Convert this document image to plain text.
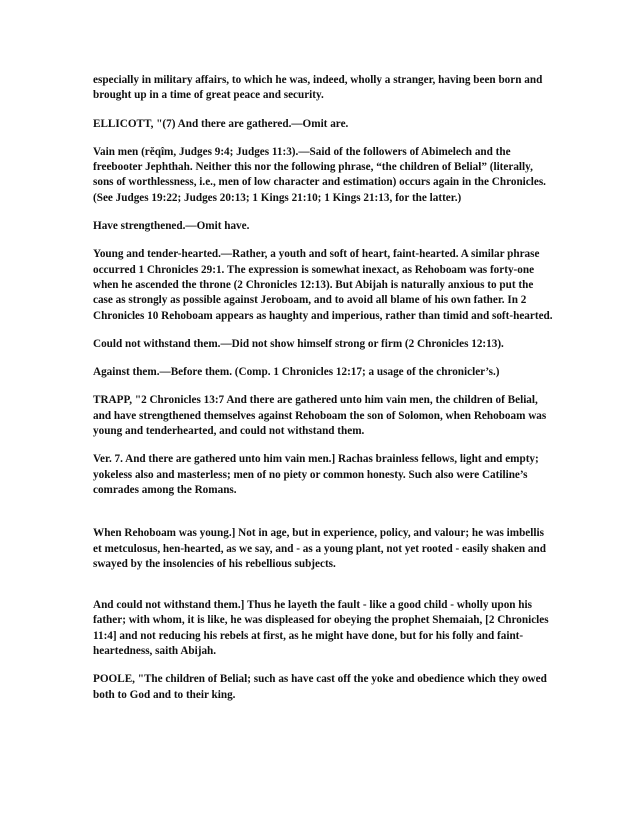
especially in military affairs, to which he was, indeed, wholly a stranger, having been born and brought up in a time of great peace and security.

ELLICOTT, "(7) And there are gathered.—Omit are.

Vain men (rĕqîm, Judges 9:4; Judges 11:3).—Said of the followers of Abimelech and the freebooter Jephthah. Neither this nor the following phrase, “the children of Belial” (literally, sons of worthlessness, i.e., men of low character and estimation) occurs again in the Chronicles. (See Judges 19:22; Judges 20:13; 1 Kings 21:10; 1 Kings 21:13, for the latter.)

Have strengthened.—Omit have.

Young and tender-hearted.—Rather, a youth and soft of heart, faint-hearted. A similar phrase occurred 1 Chronicles 29:1. The expression is somewhat inexact, as Rehoboam was forty-one when he ascended the throne (2 Chronicles 12:13). But Abijah is naturally anxious to put the case as strongly as possible against Jeroboam, and to avoid all blame of his own father. In 2 Chronicles 10 Rehoboam appears as haughty and imperious, rather than timid and soft-hearted.

Could not withstand them.—Did not show himself strong or firm (2 Chronicles 12:13).

Against them.—Before them. (Comp. 1 Chronicles 12:17; a usage of the chronicler’s.)

TRAPP, "2 Chronicles 13:7 And there are gathered unto him vain men, the children of Belial, and have strengthened themselves against Rehoboam the son of Solomon, when Rehoboam was young and tenderhearted, and could not withstand them.

Ver. 7. And there are gathered unto him vain men.] Rachas brainless fellows, light and empty; yokeless also and masterless; men of no piety or common honesty. Such also were Catiline’s comrades among the Romans.

When Rehoboam was young.] Not in age, but in experience, policy, and valour; he was imbellis et metculosus, hen-hearted, as we say, and - as a young plant, not yet rooted - easily shaken and swayed by the insolencies of his rebellious subjects.

And could not withstand them.] Thus he layeth the fault - like a good child - wholly upon his father; with whom, it is like, he was displeased for obeying the prophet Shemaiah, [2 Chronicles 11:4] and not reducing his rebels at first, as he might have done, but for his folly and faint-heartedness, saith Abijah.

POOLE, "The children of Belial; such as have cast off the yoke and obedience which they owed both to God and to their king.
